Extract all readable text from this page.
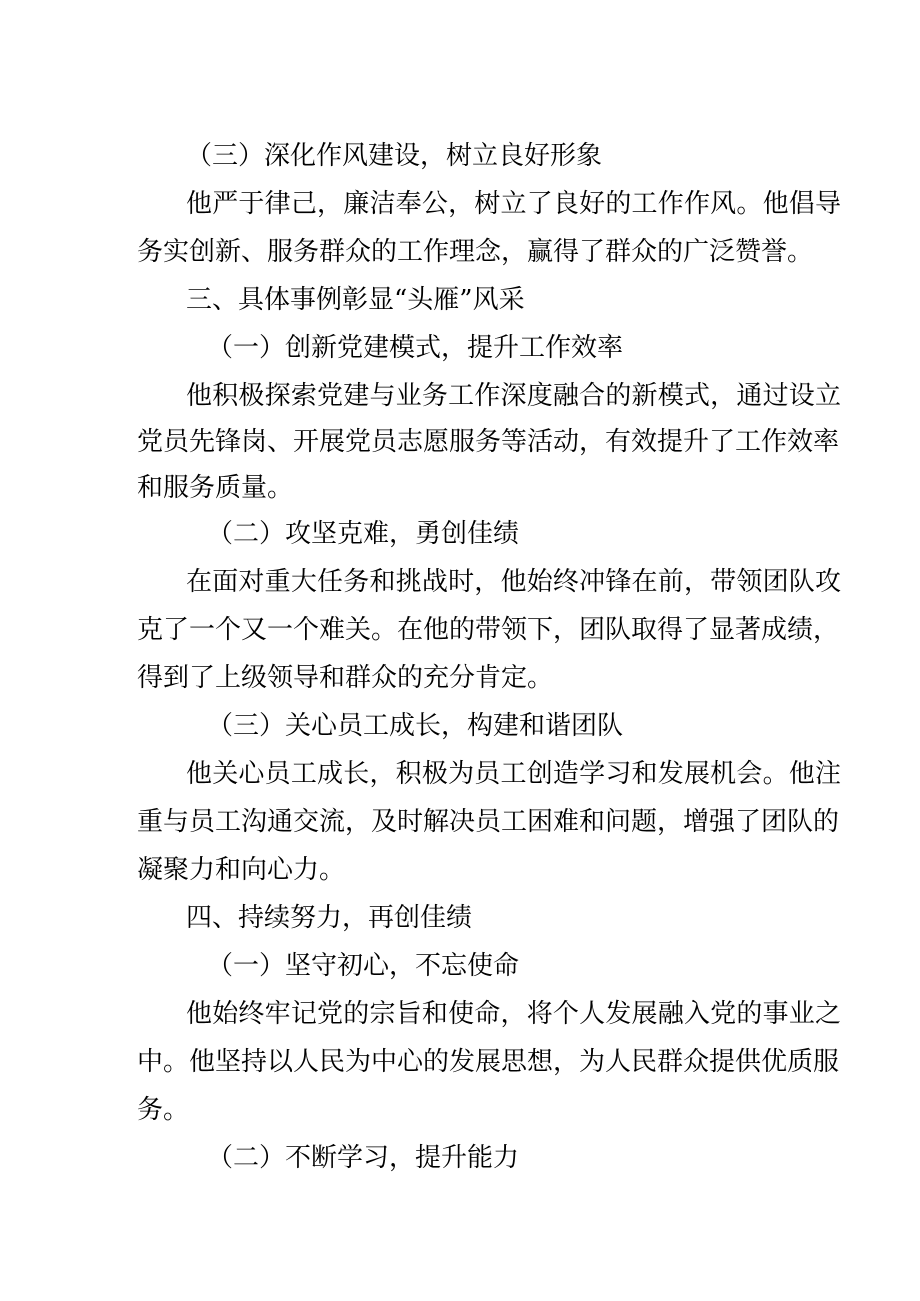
（三）深化作风建设，树立良好形象
他严于律己，廉洁奉公，树立了良好的工作作风。他倡导
务实创新、服务群众的工作理念，赢得了群众的广泛赞誉。
三、具体事例彰显“头雁”风采
（一）创新党建模式，提升工作效率
他积极探索党建与业务工作深度融合的新模式，通过设立
党员先锋岗、开展党员志愿服务等活动，有效提升了工作效率
和服务质量。
（二）攻坚克难，勇创佳绩
在面对重大任务和挑战时，他始终冲锋在前，带领团队攻
克了一个又一个难关。在他的带领下，团队取得了显著成绩，
得到了上级领导和群众的充分肯定。
（三）关心员工成长，构建和谐团队
他关心员工成长，积极为员工创造学习和发展机会。他注
重与员工沟通交流，及时解决员工困难和问题，增强了团队的
凝聚力和向心力。
四、持续努力，再创佳绩
（一）坚守初心，不忘使命
他始终牢记党的宗旨和使命，将个人发展融入党的事业之
中。他坚持以人民为中心的发展思想，为人民群众提供优质服
务。
（二）不断学习，提升能力
